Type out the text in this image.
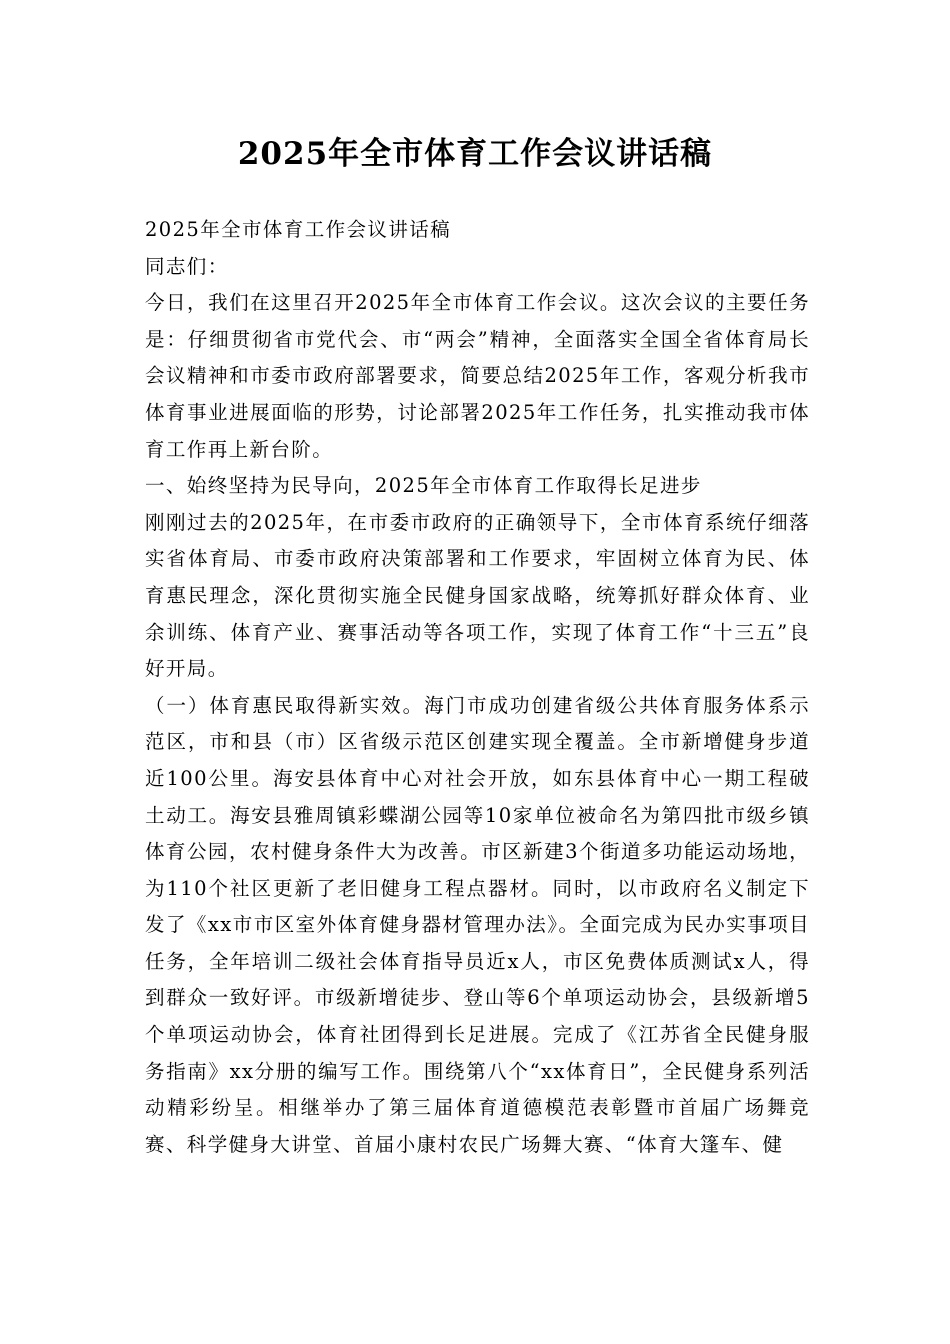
2025年全市体育工作会议讲话稿

2025年全市体育工作会议讲话稿

同志们：

今日，我们在这里召开2025年全市体育工作会议。这次会议的主要任务是：仔细贯彻省市党代会、市“两会”精神，全面落实全国全省体育局长会议精神和市委市政府部署要求，简要总结2025年工作，客观分析我市体育事业进展面临的形势，讨论部署2025年工作任务，扎实推动我市体育工作再上新台阶。

一、始终坚持为民导向，2025年全市体育工作取得长足进步

刚刚过去的2025年，在市委市政府的正确领导下，全市体育系统仔细落实省体育局、市委市政府决策部署和工作要求，牢固树立体育为民、体育惠民理念，深化贯彻实施全民健身国家战略，统筹抓好群众体育、业余训练、体育产业、赛事活动等各项工作，实现了体育工作“十三五”良好开局。

（一）体育惠民取得新实效。海门市成功创建省级公共体育服务体系示范区，市和县（市）区省级示范区创建实现全覆盖。全市新增健身步道近100公里。海安县体育中心对社会开放，如东县体育中心一期工程破土动工。海安县雅周镇彩蝶湖公园等10家单位被命名为第四批市级乡镇体育公园，农村健身条件大为改善。市区新建3个街道多功能运动场地，为110个社区更新了老旧健身工程点器材。同时，以市政府名义制定下发了《xx市市区室外体育健身器材管理办法》。全面完成为民办实事项目任务，全年培训二级社会体育指导员近x人，市区免费体质测试x人，得到群众一致好评。市级新增徒步、登山等6个单项运动协会，县级新增5个单项运动协会，体育社团得到长足进展。完成了《江苏省全民健身服务指南》xx分册的编写工作。围绕第八个“xx体育日”，全民健身系列活动精彩纷呈。相继举办了第三届体育道德模范表彰暨市首届广场舞竞赛、科学健身大讲堂、首届小康村农民广场舞大赛、“体育大篷车、健
